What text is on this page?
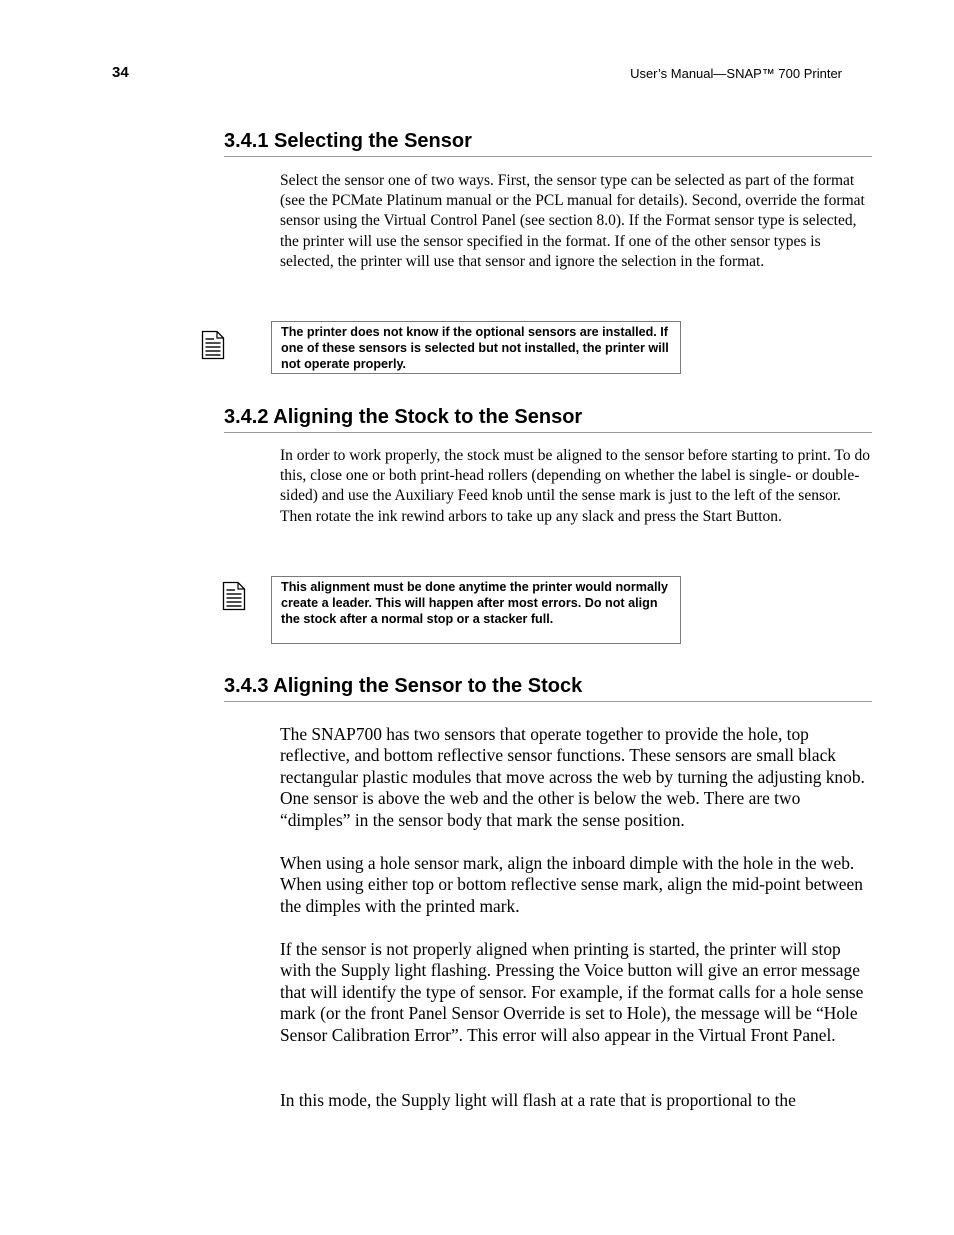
34	User’s Manual—SNAP™ 700 Printer
3.4.1 Selecting the Sensor

Select the sensor one of two ways. First, the sensor type can be selected as part of the format (see the PCMate Platinum manual or the PCL manual for details). Second, override the format sensor using the Virtual Control Panel (see section 8.0). If the Format sensor type is selected, the printer will use the sensor specified in the format. If one of the other sensor types is selected, the printer will use that sensor and ignore the selection in the format.

The printer does not know if the optional sensors are installed. If one of these sensors is selected but not installed, the printer will not operate properly.
3.4.2 Aligning the Stock to the Sensor

In order to work properly, the stock must be aligned to the sensor before starting to print. To do this, close one or both print-head rollers (depending on whether the label is single- or double-sided) and use the Auxiliary Feed knob until the sense mark is just to the left of the sensor. Then rotate the ink rewind arbors to take up any slack and press the Start Button.

This alignment must be done anytime the printer would normally create a leader. This will happen after most errors. Do not align the stock after a normal stop or a stacker full.
3.4.3 Aligning the Sensor to the Stock

The SNAP700 has two sensors that operate together to provide the hole, top reflective, and bottom reflective sensor functions. These sensors are small black rectangular plastic modules that move across the web by turning the adjusting knob. One sensor is above the web and the other is below the web. There are two “dimples” in the sensor body that mark the sense position.

When using a hole sensor mark, align the inboard dimple with the hole in the web. When using either top or bottom reflective sense mark, align the mid-point between the dimples with the printed mark.

If the sensor is not properly aligned when printing is started, the printer will stop with the Supply light flashing. Pressing the Voice button will give an error message that will identify the type of sensor. For example, if the format calls for a hole sense mark (or the front Panel Sensor Override is set to Hole), the message will be “Hole Sensor Calibration Error”. This error will also appear in the Virtual Front Panel.

In this mode, the Supply light will flash at a rate that is proportional to the
